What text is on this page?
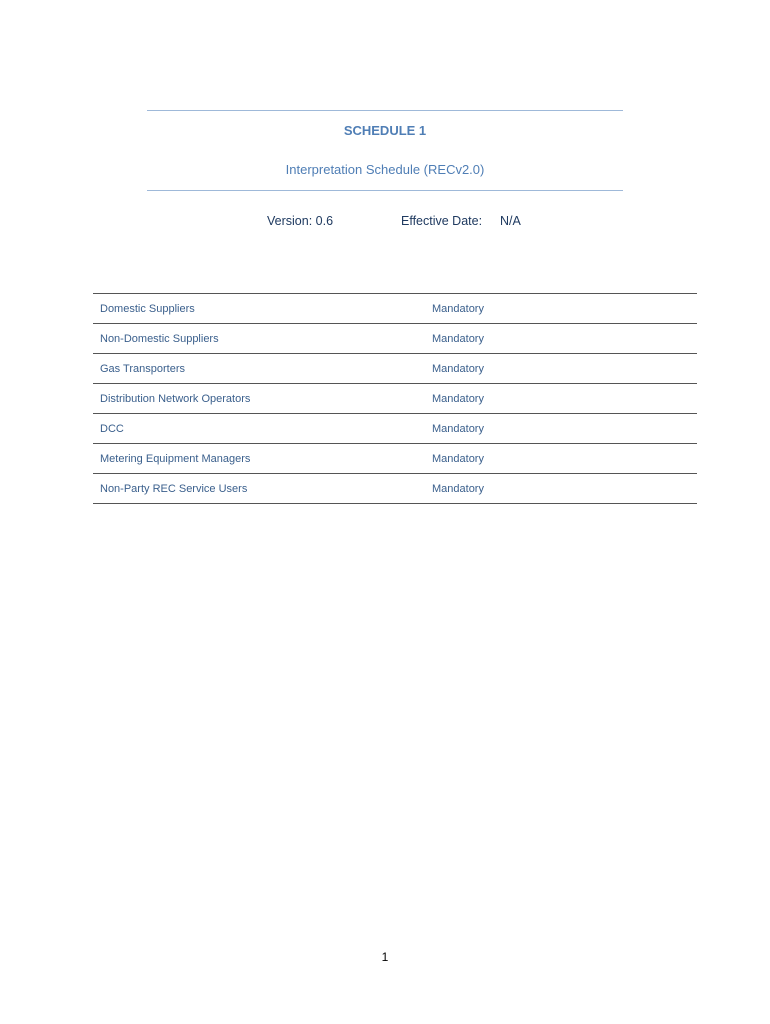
SCHEDULE 1
Interpretation Schedule (RECv2.0)
Version: 0.6	Effective Date: N/A
Domestic Suppliers	Mandatory
Non-Domestic Suppliers	Mandatory
Gas Transporters	Mandatory
Distribution Network Operators	Mandatory
DCC	Mandatory
Metering Equipment Managers	Mandatory
Non-Party REC Service Users	Mandatory
1
